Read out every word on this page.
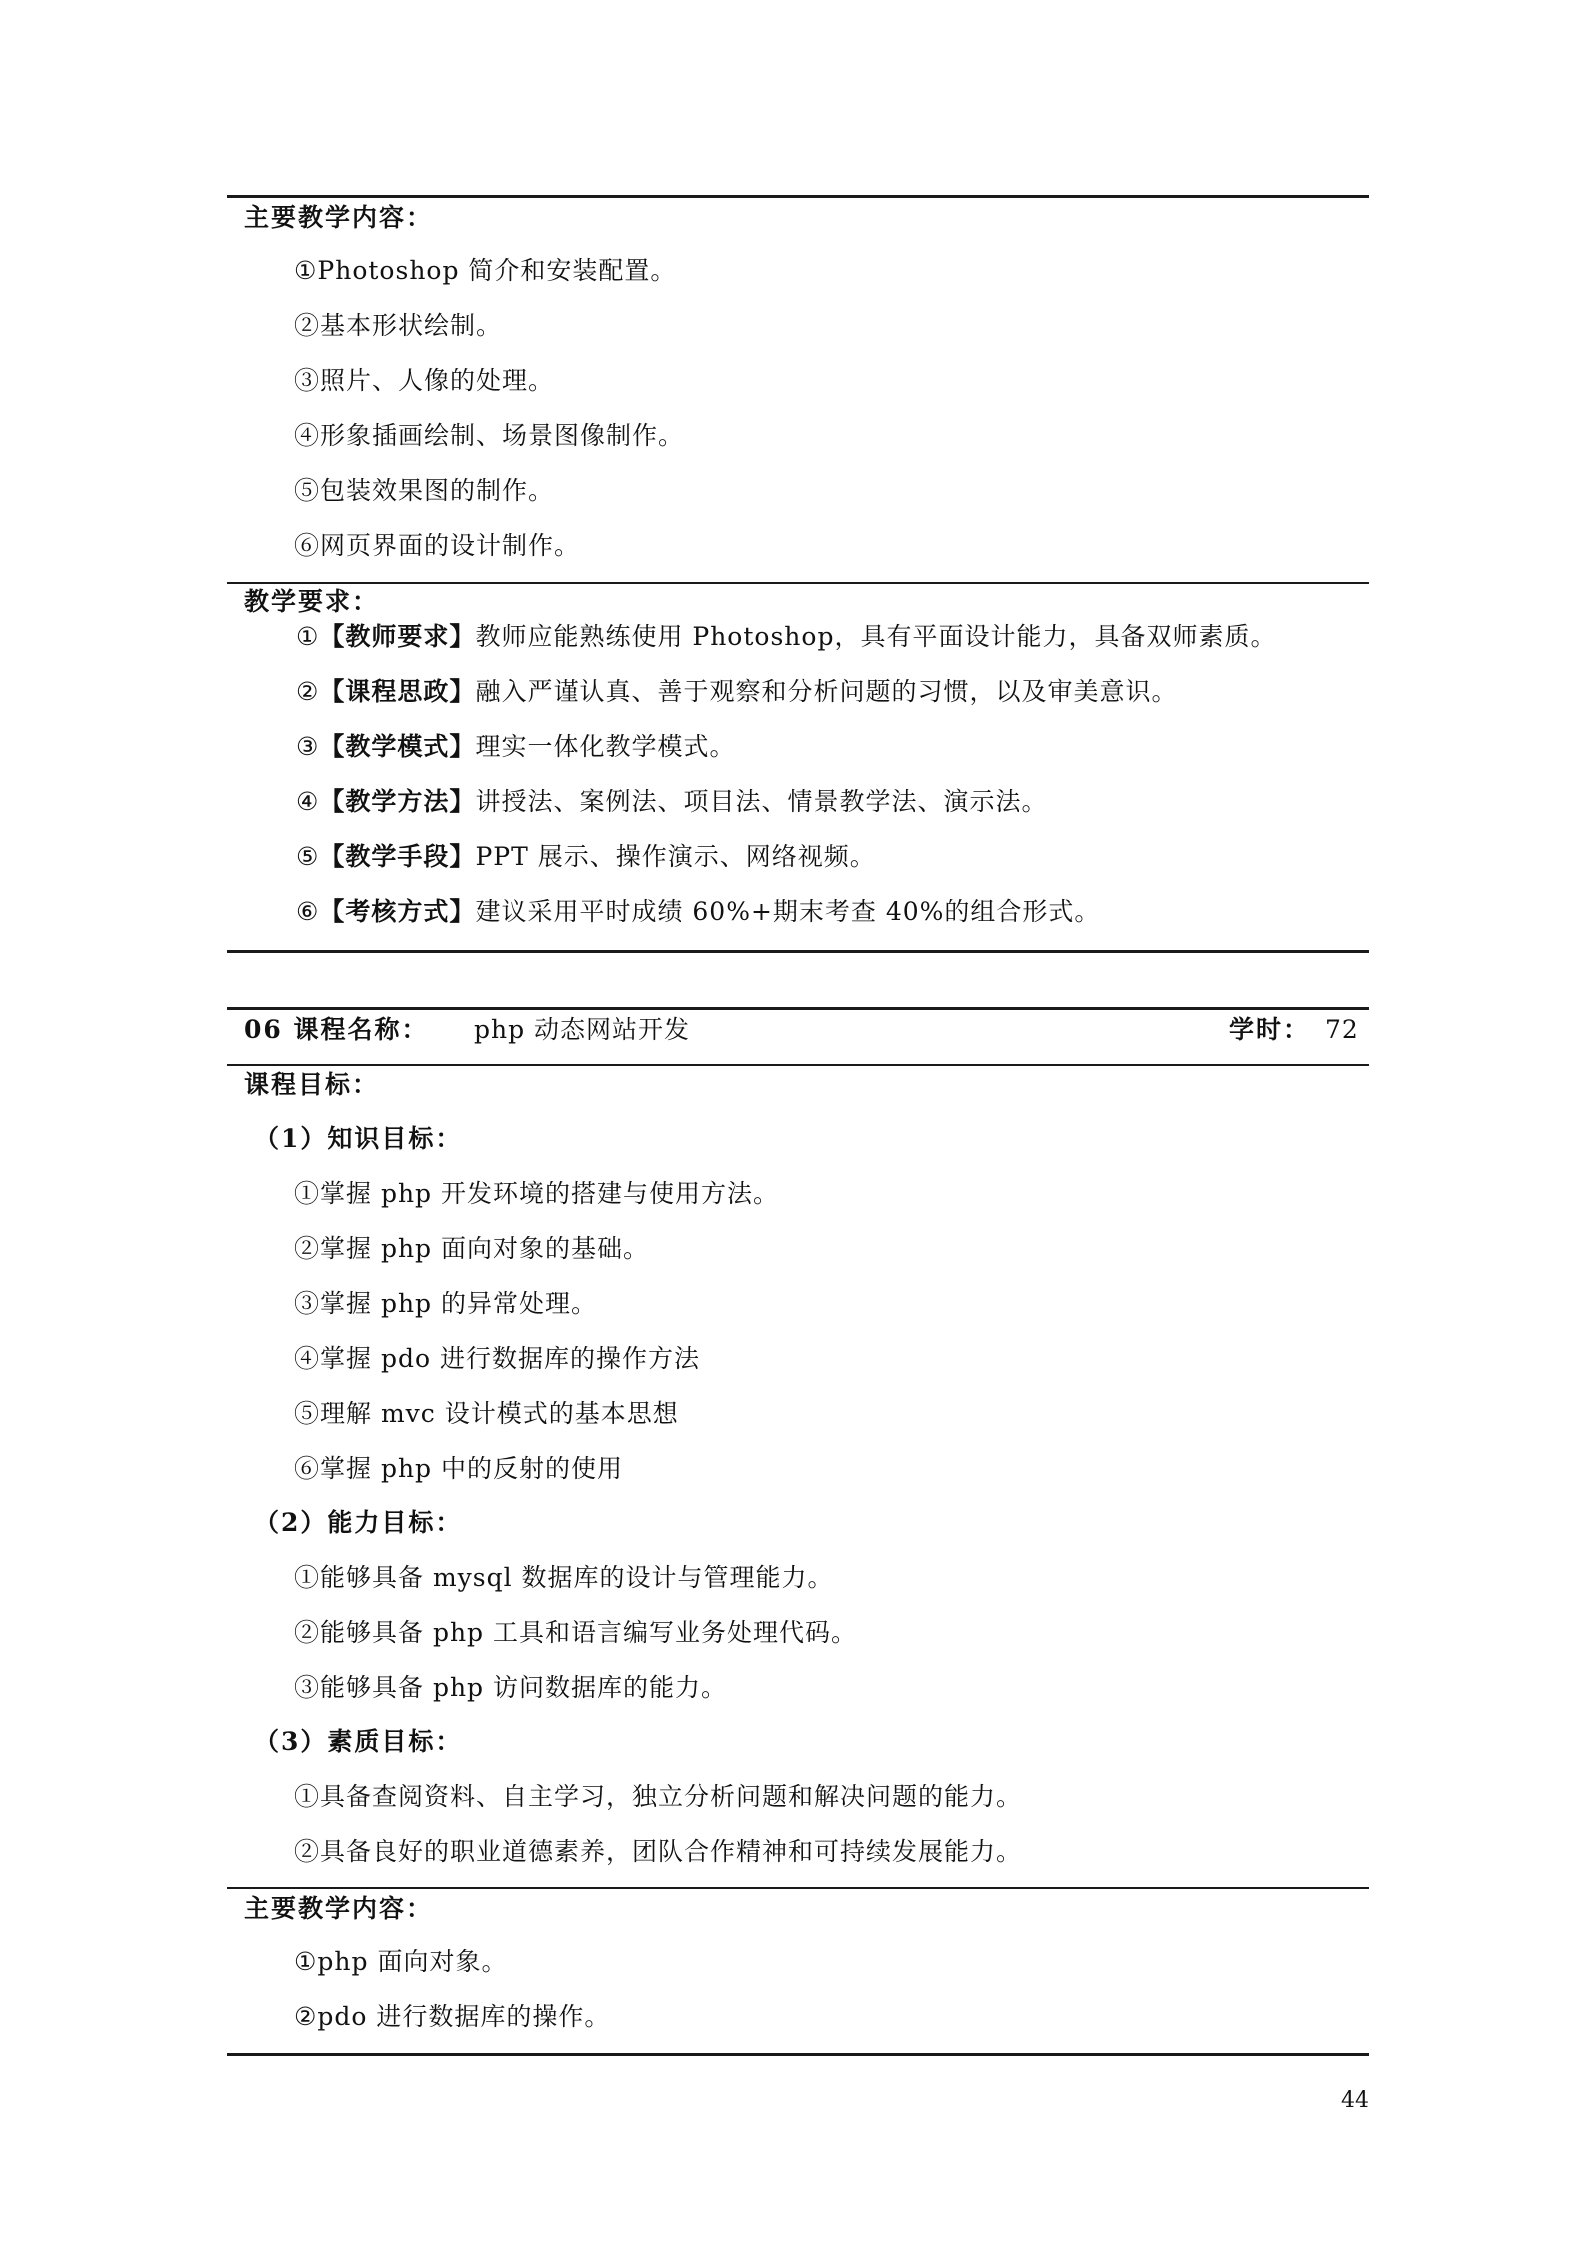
主要教学内容：
①Photoshop 简介和安装配置。
②基本形状绘制。
③照片、人像的处理。
④形象插画绘制、场景图像制作。
⑤包装效果图的制作。
⑥网页界面的设计制作。
教学要求：
①【教师要求】教师应能熟练使用 Photoshop，具有平面设计能力，具备双师素质。
②【课程思政】融入严谨认真、善于观察和分析问题的习惯，以及审美意识。
③【教学模式】理实一体化教学模式。
④【教学方法】讲授法、案例法、项目法、情景教学法、演示法。
⑤【教学手段】PPT 展示、操作演示、网络视频。
⑥【考核方式】建议采用平时成绩 60%+期末考查 40%的组合形式。
06 课程名称： php 动态网站开发	学时： 72
课程目标：
（1）知识目标：
①掌握 php 开发环境的搭建与使用方法。
②掌握 php 面向对象的基础。
③掌握 php 的异常处理。
④掌握 pdo 进行数据库的操作方法
⑤理解 mvc 设计模式的基本思想
⑥掌握 php 中的反射的使用
（2）能力目标：
①能够具备 mysql 数据库的设计与管理能力。
②能够具备 php 工具和语言编写业务处理代码。
③能够具备 php 访问数据库的能力。
（3）素质目标：
①具备查阅资料、自主学习，独立分析问题和解决问题的能力。
②具备良好的职业道德素养，团队合作精神和可持续发展能力。
主要教学内容：
①php 面向对象。
②pdo 进行数据库的操作。
44
